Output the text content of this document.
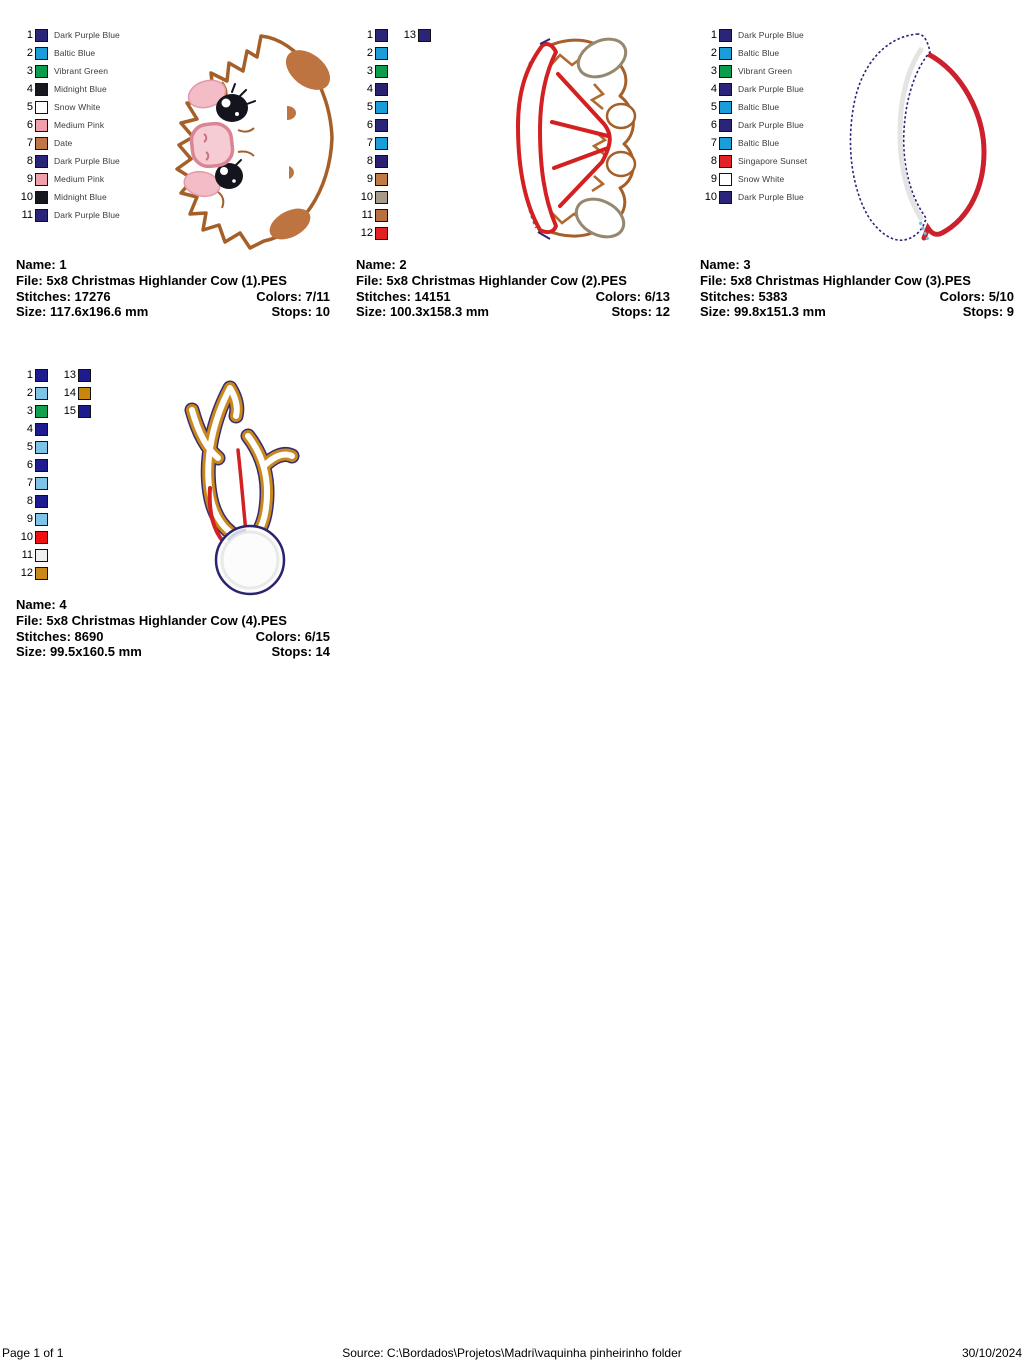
1 Dark Purple Blue
2 Baltic Blue
3 Vibrant Green
4 Midnight Blue
5 Snow White
6 Medium Pink
7 Date
8 Dark Purple Blue
9 Medium Pink
10 Midnight Blue
11 Dark Purple Blue
Name: 1
File: 5x8 Christmas Highlander Cow (1).PES
Stitches: 17276	Colors: 7/11
Size: 117.6x196.6 mm	Stops: 10
1
2
3
4
5
6
7
8
9
10
11
12
13
Name: 2
File: 5x8 Christmas Highlander Cow (2).PES
Stitches: 14151	Colors: 6/13
Size: 100.3x158.3 mm	Stops: 12
1 Dark Purple Blue
2 Baltic Blue
3 Vibrant Green
4 Dark Purple Blue
5 Baltic Blue
6 Dark Purple Blue
7 Baltic Blue
8 Singapore Sunset
9 Snow White
10 Dark Purple Blue
Name: 3
File: 5x8 Christmas Highlander Cow (3).PES
Stitches: 5383	Colors: 5/10
Size: 99.8x151.3 mm	Stops: 9
1
2
3
4
5
6
7
8
9
10
11
12
13
14
15
Name: 4
File: 5x8 Christmas Highlander Cow (4).PES
Stitches: 8690	Colors: 6/15
Size: 99.5x160.5 mm	Stops: 14
Source: C:\Bordados\Projetos\Madri\vaquinha pinheirinho folder
Page 1 of 1	30/10/2024
